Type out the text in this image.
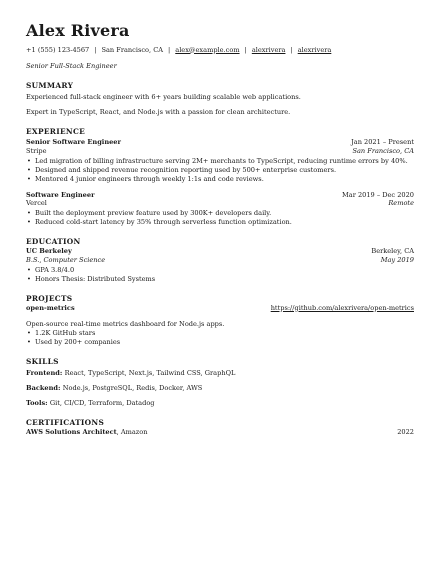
Alex Rivera
+1 (555) 123-4567 | San Francisco, CA | alex@example.com | alexrivera | alexrivera
Senior Full-Stack Engineer
SUMMARY
Experienced full-stack engineer with 6+ years building scalable web applications.
Expert in TypeScript, React, and Node.js with a passion for clean architecture.
EXPERIENCE
Senior Software Engineer	Jan 2021 – Present
Stripe	San Francisco, CA
• Led migration of billing infrastructure serving 2M+ merchants to TypeScript, reducing runtime errors by 40%.
• Designed and shipped revenue recognition reporting used by 500+ enterprise customers.
• Mentored 4 junior engineers through weekly 1:1s and code reviews.
Software Engineer	Mar 2019 – Dec 2020
Vercel	Remote
• Built the deployment preview feature used by 300K+ developers daily.
• Reduced cold-start latency by 35% through serverless function optimization.
EDUCATION
UC Berkeley	Berkeley, CA
B.S., Computer Science	May 2019
• GPA 3.8/4.0
• Honors Thesis: Distributed Systems
PROJECTS
open-metrics	https://github.com/alexrivera/open-metrics
Open-source real-time metrics dashboard for Node.js apps.
• 1.2K GitHub stars
• Used by 200+ companies
SKILLS
Frontend: React, TypeScript, Next.js, Tailwind CSS, GraphQL
Backend: Node.js, PostgreSQL, Redis, Docker, AWS
Tools: Git, CI/CD, Terraform, Datadog
CERTIFICATIONS
AWS Solutions Architect, Amazon	2022
